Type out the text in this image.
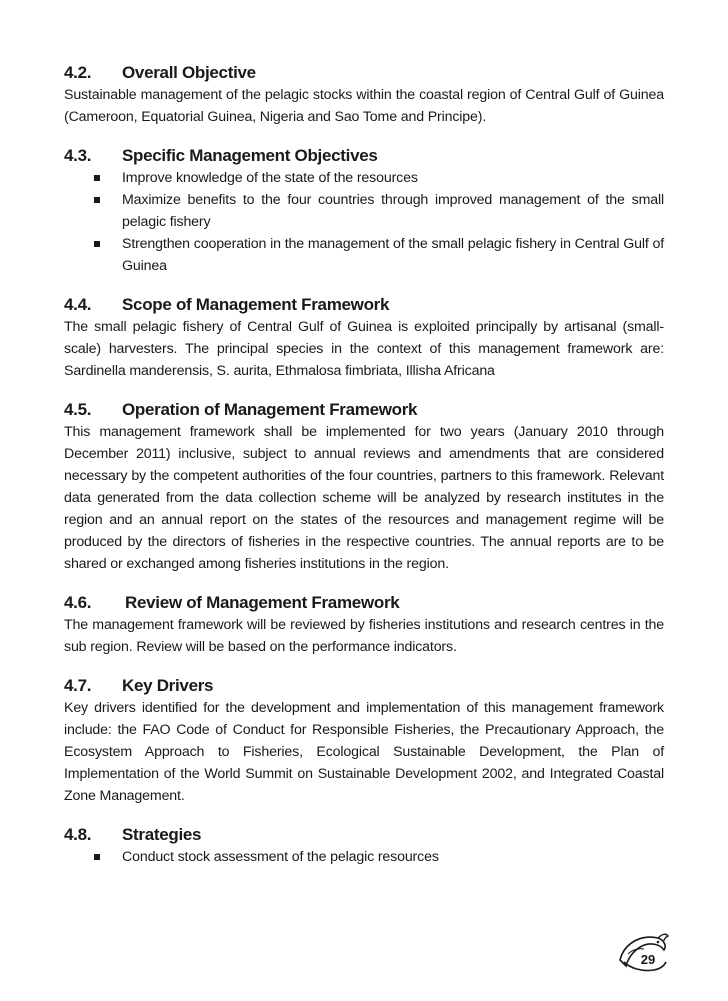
4.2.	Overall Objective

Sustainable management of the pelagic stocks within the coastal region of Central Gulf of Guinea (Cameroon, Equatorial Guinea, Nigeria and Sao Tome and Principe).

4.3.	Specific Management Objectives
Improve knowledge of the state of the resources
Maximize benefits to the four countries through improved management of the small pelagic fishery
Strengthen cooperation in the management of the small pelagic fishery in Central Gulf of Guinea
4.4.	Scope of Management Framework

The small pelagic fishery of Central Gulf of Guinea is exploited principally by artisanal (small-scale) harvesters. The principal species in the context of this management framework are: Sardinella manderensis, S. aurita, Ethmalosa fimbriata, Illisha Africana

4.5.	Operation of Management Framework

This management framework shall be implemented for two years (January 2010 through December 2011) inclusive, subject to annual reviews and amendments that are considered necessary by the competent authorities of the four countries, partners to this framework. Relevant data generated from the data collection scheme will be analyzed by research institutes in the region and an annual report on the states of the resources and management regime will be produced by the directors of fisheries in the respective countries. The annual reports are to be shared or exchanged among fisheries institutions in the region.

4.6.	Review of Management Framework

The management framework will be reviewed by fisheries institutions and research centres in the sub region. Review will be based on the performance indicators.

4.7.	Key Drivers

Key drivers identified for the development and implementation of this management framework include: the FAO Code of Conduct for Responsible Fisheries, the Precautionary Approach, the Ecosystem Approach to Fisheries, Ecological Sustainable Development, the Plan of Implementation of the World Summit on Sustainable Development 2002, and Integrated Coastal Zone Management.

4.8.	Strategies
Conduct stock assessment of the pelagic resources
29
